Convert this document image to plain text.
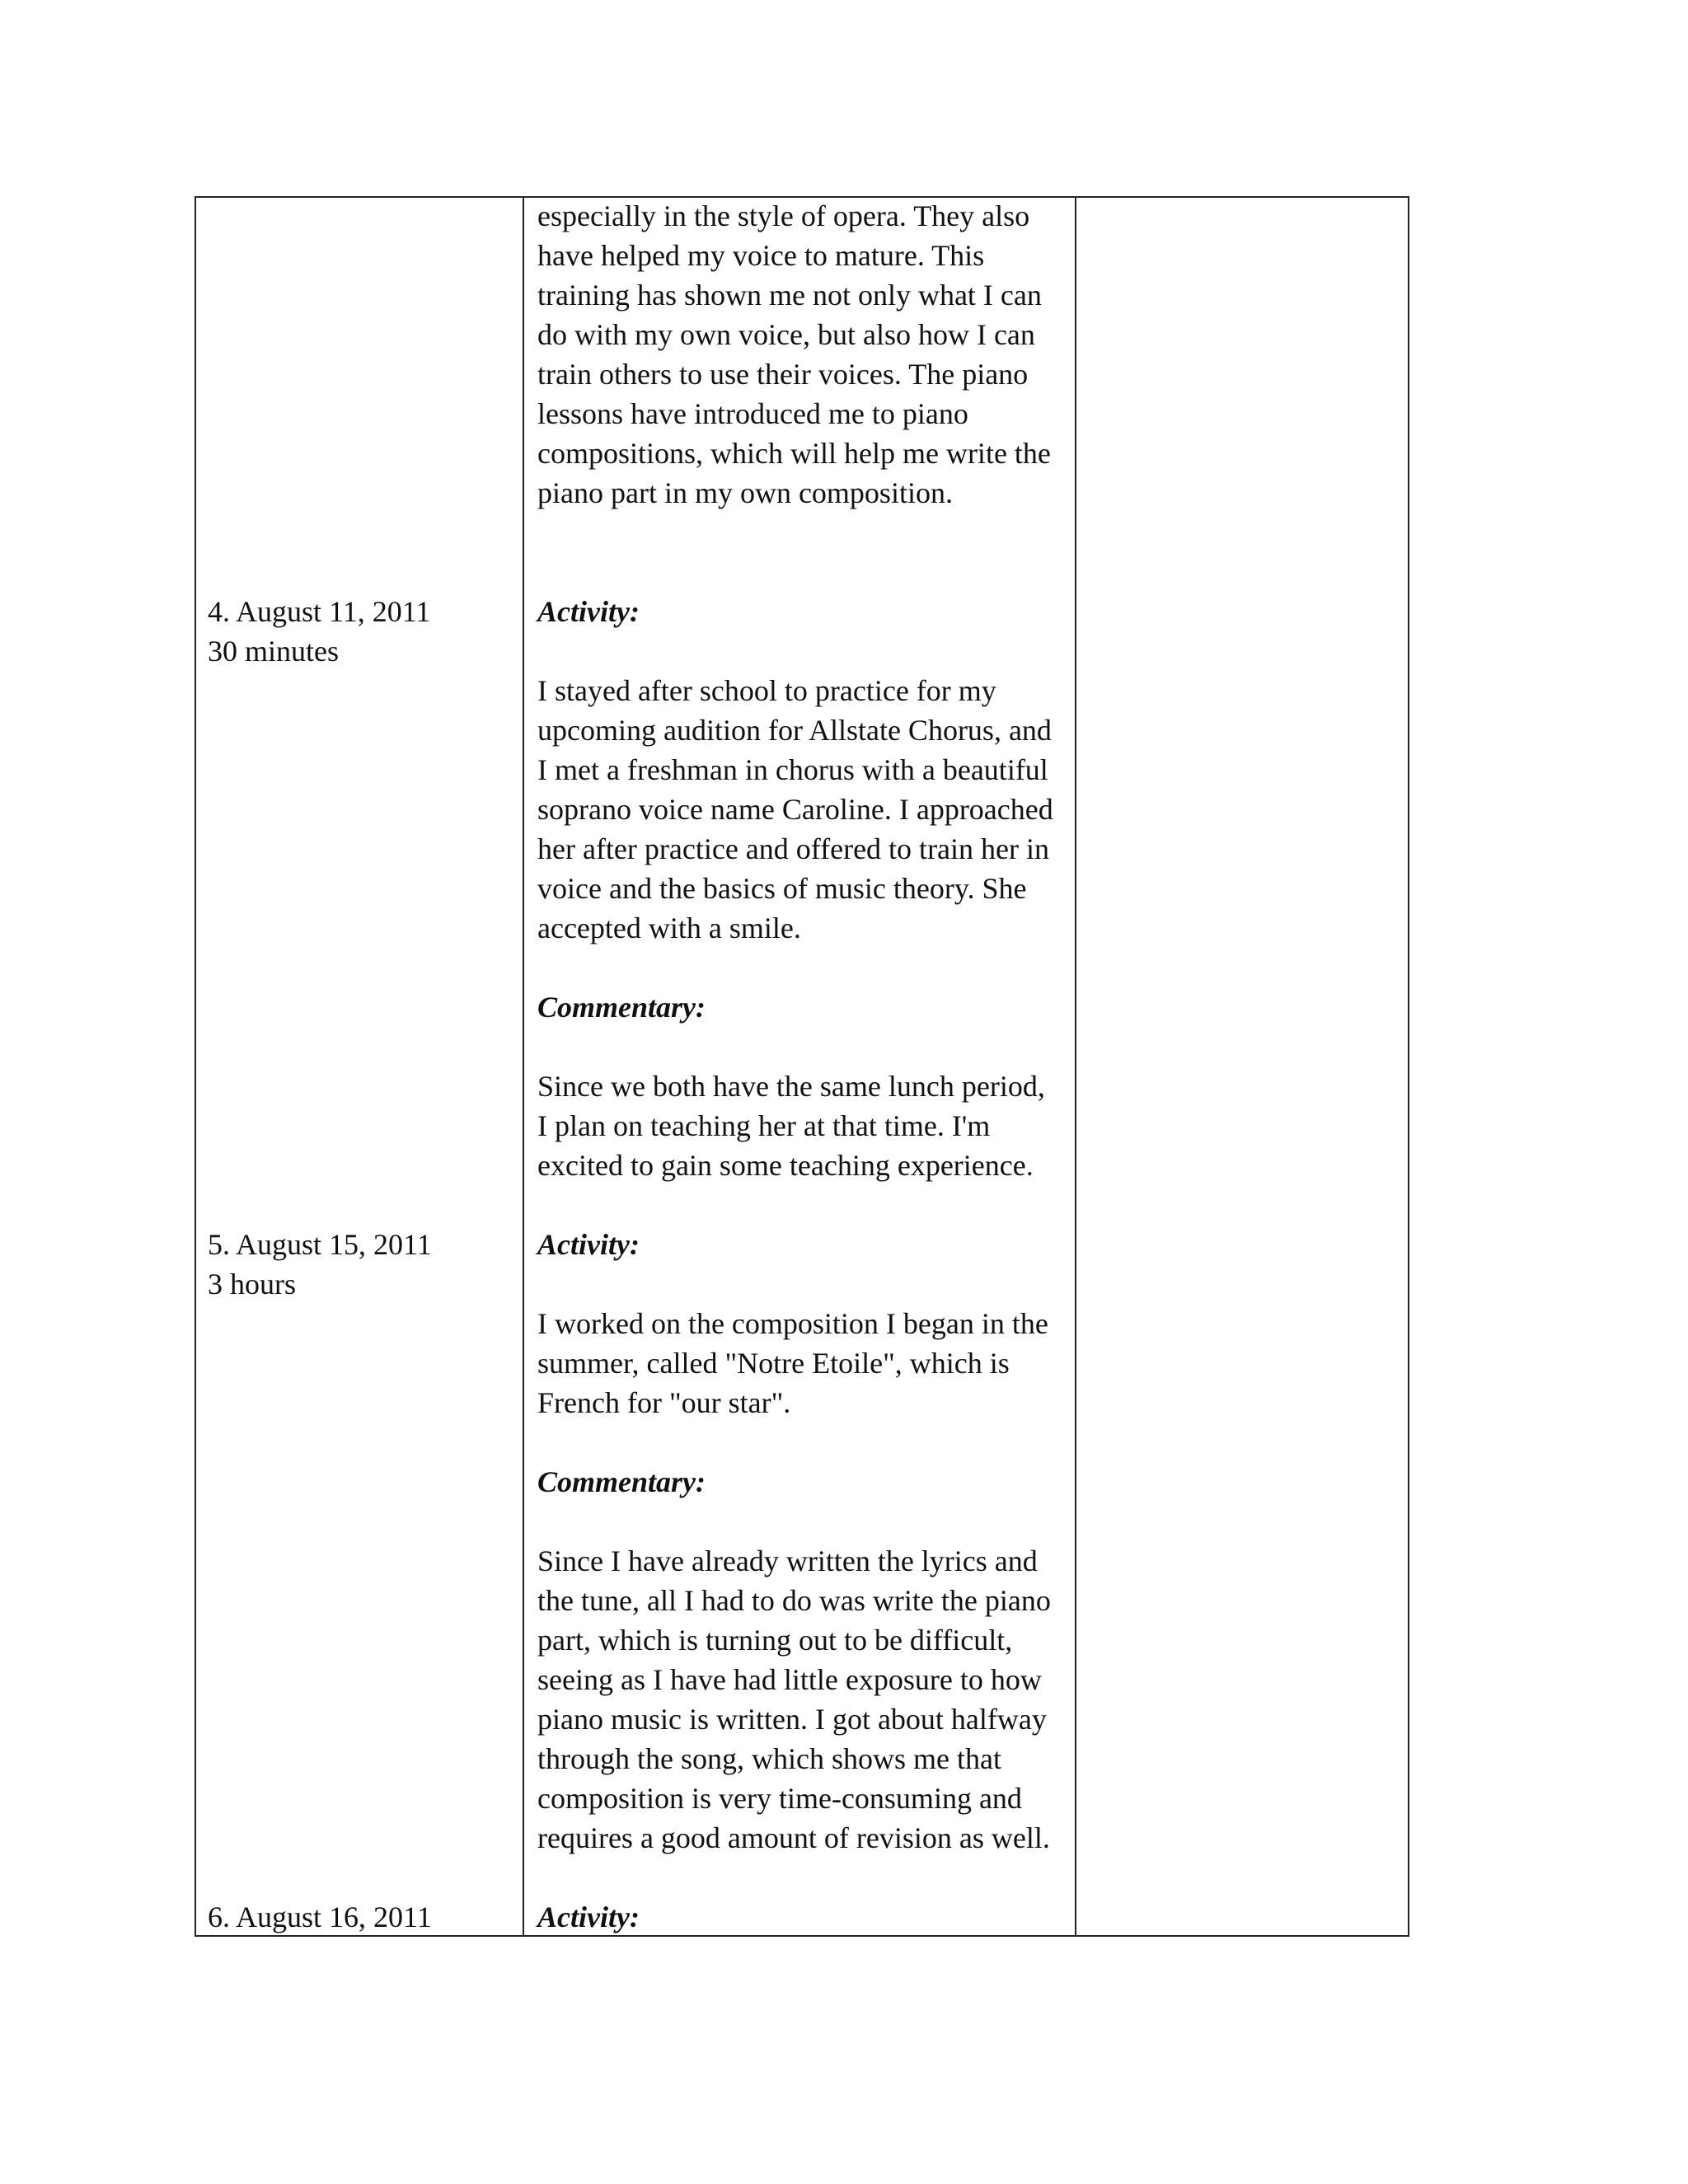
especially in the style of opera. They also
have helped my voice to mature. This
training has shown me not only what I can
do with my own voice, but also how I can
train others to use their voices. The piano
lessons have introduced me to piano
compositions, which will help me write the
piano part in my own composition.
4. August 11, 2011
30 minutes
Activity:
I stayed after school to practice for my
upcoming audition for Allstate Chorus, and
I met a freshman in chorus with a beautiful
soprano voice name Caroline. I approached
her after practice and offered to train her in
voice and the basics of music theory. She
accepted with a smile.
Commentary:
Since we both have the same lunch period,
I plan on teaching her at that time. I'm
excited to gain some teaching experience.
5. August 15, 2011
3 hours
Activity:
I worked on the composition I began in the
summer, called "Notre Etoile", which is
French for "our star".
Commentary:
Since I have already written the lyrics and
the tune, all I had to do was write the piano
part, which is turning out to be difficult,
seeing as I have had little exposure to how
piano music is written. I got about halfway
through the song, which shows me that
composition is very time-consuming and
requires a good amount of revision as well.
6. August 16, 2011	Activity:
